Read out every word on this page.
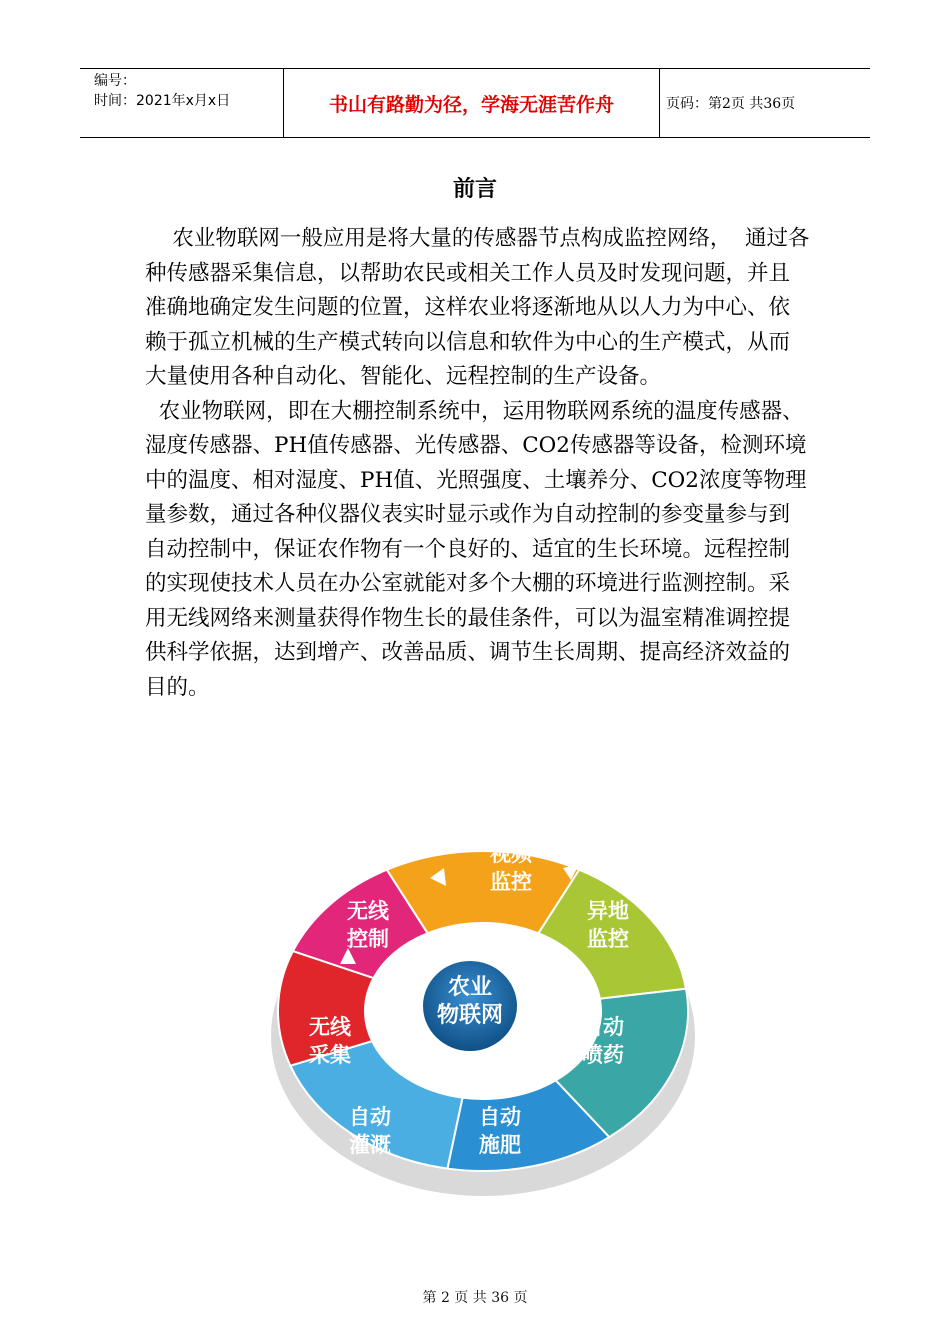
编号：
时间：2021年x月x日	书山有路勤为径，学海无涯苦作舟	页码：第2页 共36页
前言

农业物联网一般应用是将大量的传感器节点构成监控网络，  通过各种传感器采集信息，以帮助农民或相关工作人员及时发现问题，并且准确地确定发生问题的位置，这样农业将逐渐地从以人力为中心、依赖于孤立机械的生产模式转向以信息和软件为中心的生产模式，从而大量使用各种自动化、智能化、远程控制的生产设备。

农业物联网，即在大棚控制系统中，运用物联网系统的温度传感器、湿度传感器、PH值传感器、光传感器、CO2传感器等设备，检测环境中的温度、相对湿度、PH值、光照强度、土壤养分、CO2浓度等物理量参数，通过各种仪器仪表实时显示或作为自动控制的参变量参与到自动控制中，保证农作物有一个良好的、适宜的生长环境。远程控制的实现使技术人员在办公室就能对多个大棚的环境进行监测控制。采用无线网络来测量获得作物生长的最佳条件，可以为温室精准调控提供科学依据，达到增产、改善品质、调节生长周期、提高经济效益的目的。

农业
物联网
视频
监控
异地
监控
自动
喷药
自动
施肥
自动
灌溉
无线
采集
无线
控制
第 2 页 共 36 页
